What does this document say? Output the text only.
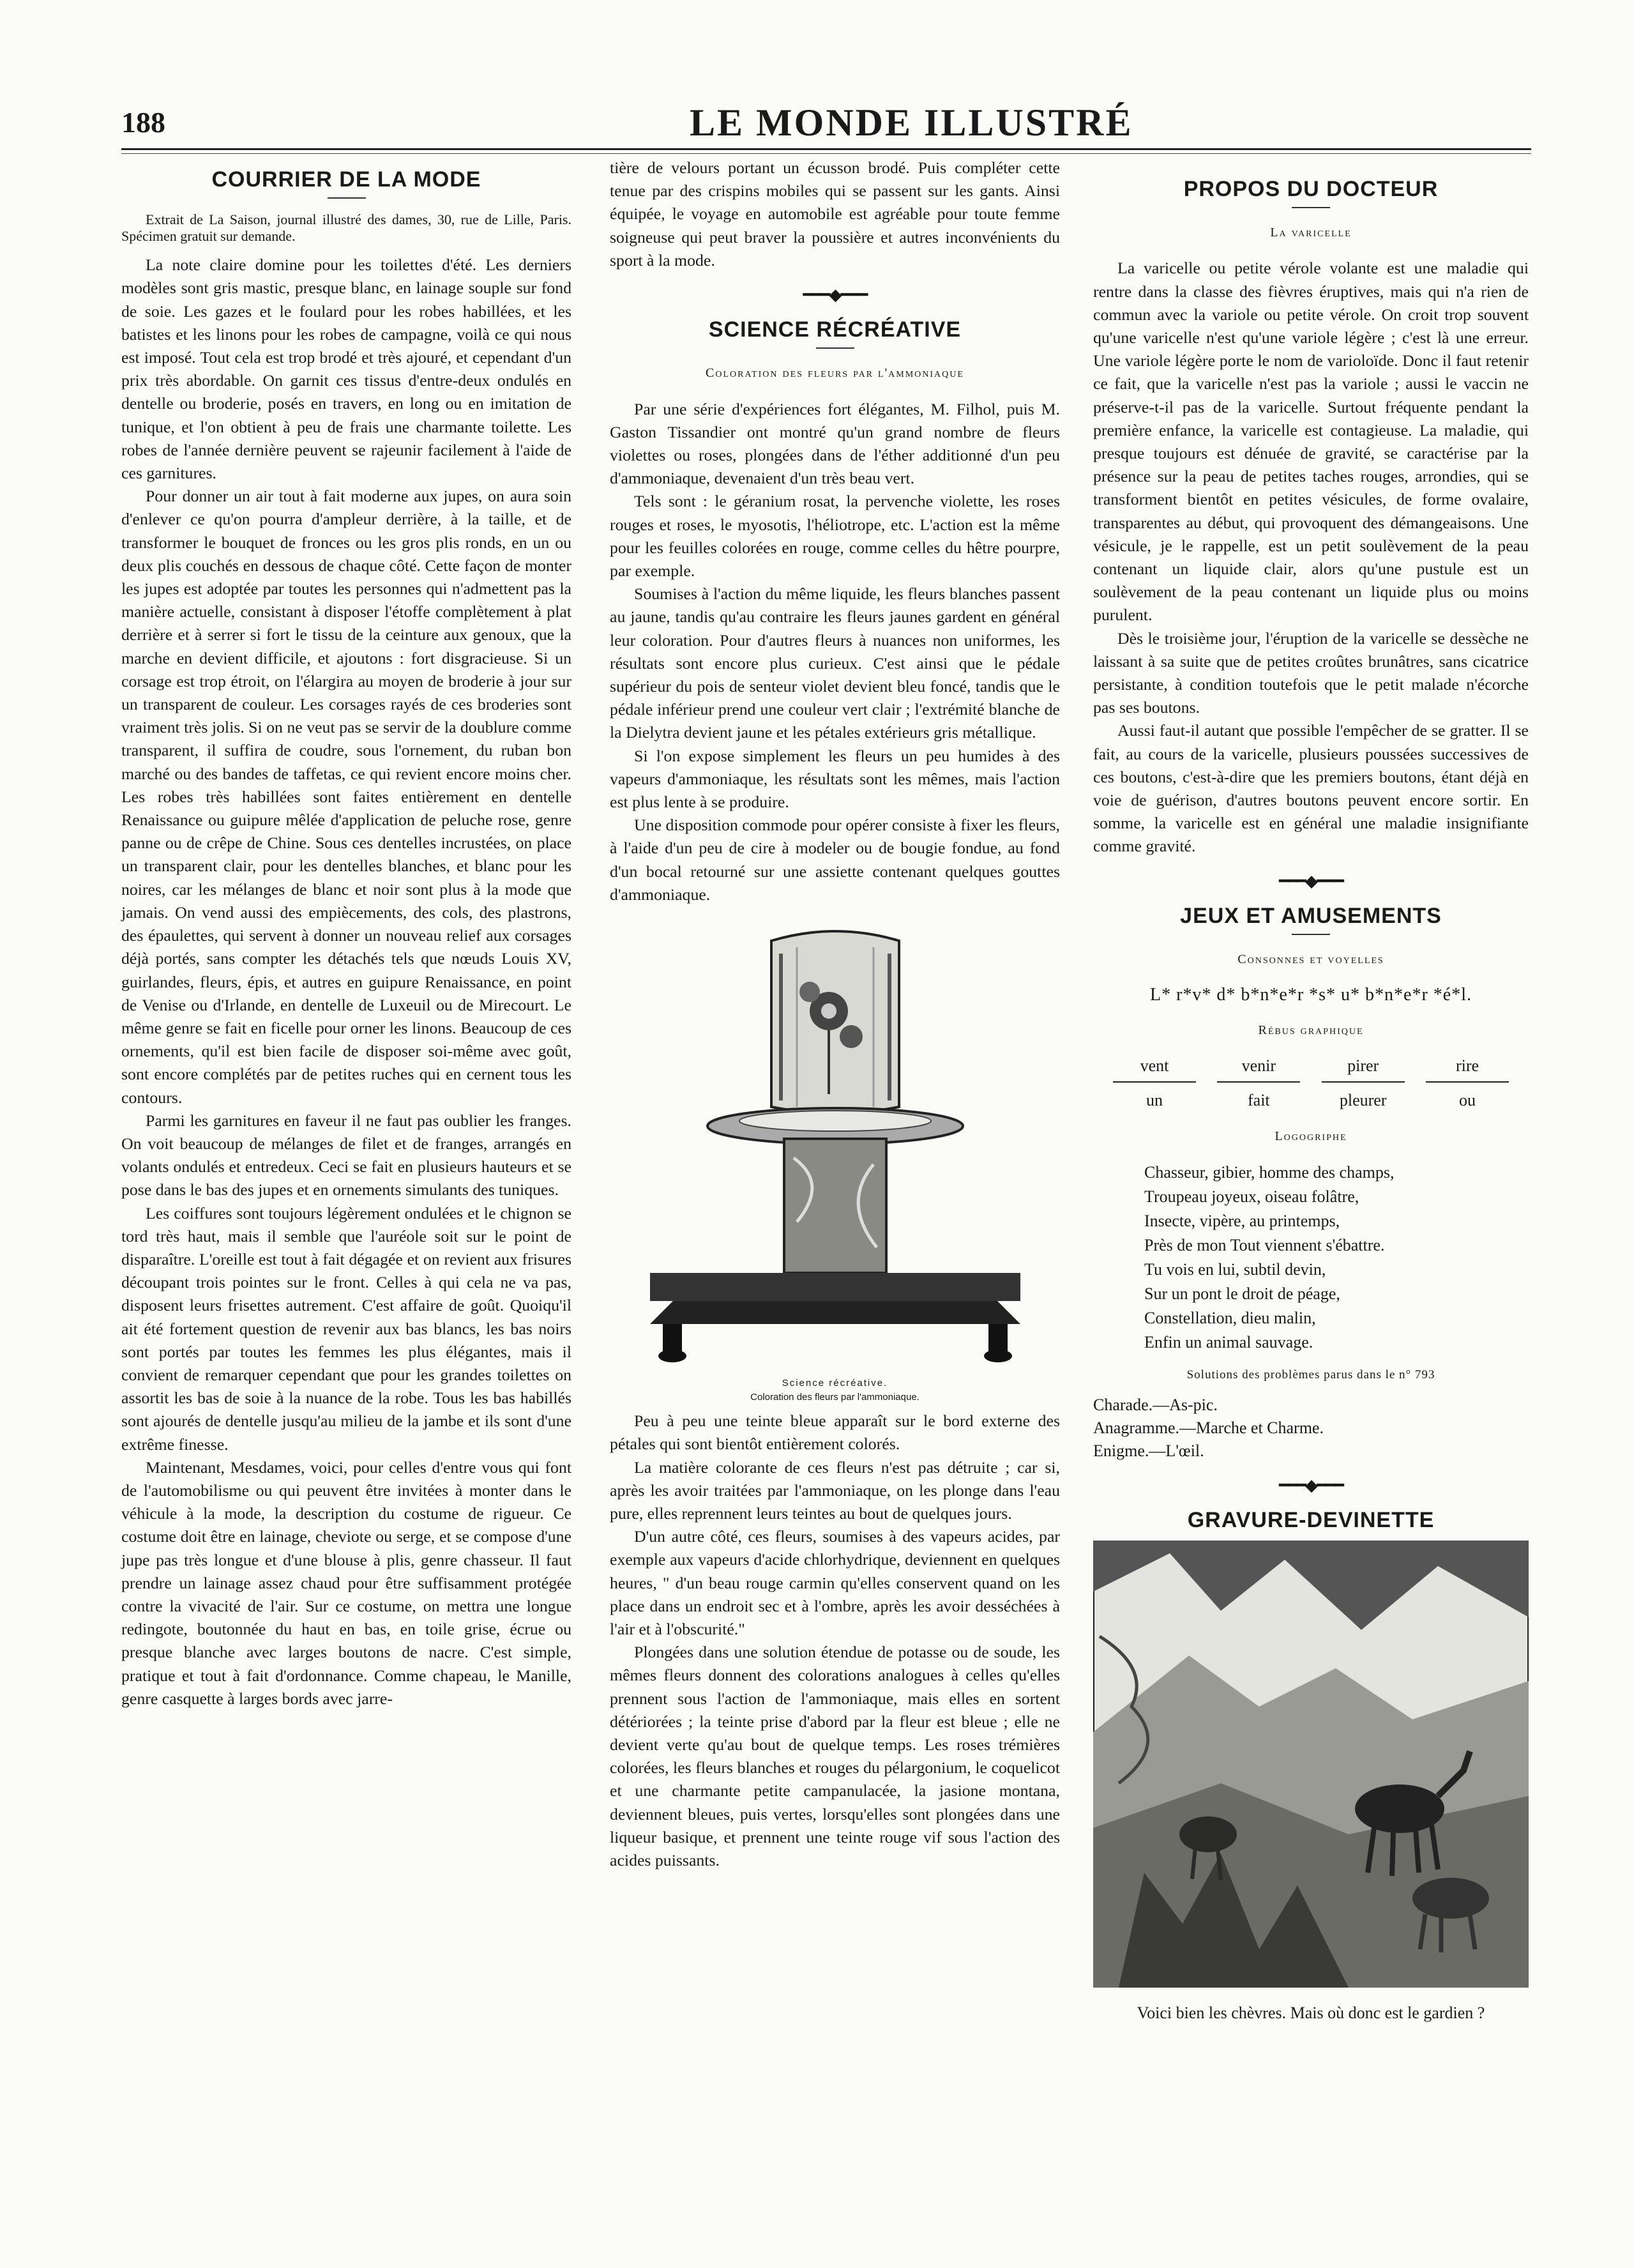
188	LE MONDE ILLUSTRÉ
COURRIER DE LA MODE
Extrait de La Saison, journal illustré des dames, 30, rue de Lille, Paris. Spécimen gratuit sur demande.

La note claire domine pour les toilettes d'été. Les derniers modèles sont gris mastic, presque blanc, en lainage souple sur fond de soie. Les gazes et le foulard pour les robes habillées, et les batistes et les linons pour les robes de campagne, voilà ce qui nous est imposé. Tout cela est trop brodé et très ajouré, et cependant d'un prix très abordable. On garnit ces tissus d'entre-deux ondulés en dentelle ou broderie, posés en travers, en long ou en imitation de tunique, et l'on obtient à peu de frais une charmante toilette. Les robes de l'année dernière peuvent se rajeunir facilement à l'aide de ces garnitures.

Pour donner un air tout à fait moderne aux jupes, on aura soin d'enlever ce qu'on pourra d'ampleur derrière, à la taille, et de transformer le bouquet de fronces ou les gros plis ronds, en un ou deux plis couchés en dessous de chaque côté. Cette façon de monter les jupes est adoptée par toutes les personnes qui n'admettent pas la manière actuelle, consistant à disposer l'étoffe complètement à plat derrière et à serrer si fort le tissu de la ceinture aux genoux, que la marche en devient difficile, et ajoutons : fort disgracieuse. Si un corsage est trop étroit, on l'élargira au moyen de broderie à jour sur un transparent de couleur. Les corsages rayés de ces broderies sont vraiment très jolis. Si on ne veut pas se servir de la doublure comme transparent, il suffira de coudre, sous l'ornement, du ruban bon marché ou des bandes de taffetas, ce qui revient encore moins cher. Les robes très habillées sont faites entièrement en dentelle Renaissance ou guipure mêlée d'application de peluche rose, genre panne ou de crêpe de Chine. Sous ces dentelles incrustées, on place un transparent clair, pour les dentelles blanches, et blanc pour les noires, car les mélanges de blanc et noir sont plus à la mode que jamais. On vend aussi des empiècements, des cols, des plastrons, des épaulettes, qui servent à donner un nouveau relief aux corsages déjà portés, sans compter les détachés tels que nœuds Louis XV, guirlandes, fleurs, épis, et autres en guipure Renaissance, en point de Venise ou d'Irlande, en dentelle de Luxeuil ou de Mirecourt. Le même genre se fait en ficelle pour orner les linons. Beaucoup de ces ornements, qu'il est bien facile de disposer soi-même avec goût, sont encore complétés par de petites ruches qui en cernent tous les contours.

Parmi les garnitures en faveur il ne faut pas oublier les franges. On voit beaucoup de mélanges de filet et de franges, arrangés en volants ondulés et entredeux. Ceci se fait en plusieurs hauteurs et se pose dans le bas des jupes et en ornements simulants des tuniques.

Les coiffures sont toujours légèrement ondulées et le chignon se tord très haut, mais il semble que l'auréole soit sur le point de disparaître. L'oreille est tout à fait dégagée et on revient aux frisures découpant trois pointes sur le front. Celles à qui cela ne va pas, disposent leurs frisettes autrement. C'est affaire de goût. Quoiqu'il ait été fortement question de revenir aux bas blancs, les bas noirs sont portés par toutes les femmes les plus élégantes, mais il convient de remarquer cependant que pour les grandes toilettes on assortit les bas de soie à la nuance de la robe. Tous les bas habillés sont ajourés de dentelle jusqu'au milieu de la jambe et ils sont d'une extrême finesse.

Maintenant, Mesdames, voici, pour celles d'entre vous qui font de l'automobilisme ou qui peuvent être invitées à monter dans le véhicule à la mode, la description du costume de rigueur. Ce costume doit être en lainage, cheviote ou serge, et se compose d'une jupe pas très longue et d'une blouse à plis, genre chasseur. Il faut prendre un lainage assez chaud pour être suffisamment protégée contre la vivacité de l'air. Sur ce costume, on mettra une longue redingote, boutonnée du haut en bas, en toile grise, écrue ou presque blanche avec larges boutons de nacre. C'est simple, pratique et tout à fait d'ordonnance. Comme chapeau, le Manille, genre casquette à larges bords avec jarre-

tière de velours portant un écusson brodé. Puis compléter cette tenue par des crispins mobiles qui se passent sur les gants. Ainsi équipée, le voyage en automobile est agréable pour toute femme soigneuse qui peut braver la poussière et autres inconvénients du sport à la mode.

━━━◆━━━
SCIENCE RÉCRÉATIVE
Coloration des fleurs par l'ammoniaque

Par une série d'expériences fort élégantes, M. Filhol, puis M. Gaston Tissandier ont montré qu'un grand nombre de fleurs violettes ou roses, plongées dans de l'éther additionné d'un peu d'ammoniaque, devenaient d'un très beau vert.

Tels sont : le géranium rosat, la pervenche violette, les roses rouges et roses, le myosotis, l'héliotrope, etc. L'action est la même pour les feuilles colorées en rouge, comme celles du hêtre pourpre, par exemple.

Soumises à l'action du même liquide, les fleurs blanches passent au jaune, tandis qu'au contraire les fleurs jaunes gardent en général leur coloration. Pour d'autres fleurs à nuances non uniformes, les résultats sont encore plus curieux. C'est ainsi que le pédale supérieur du pois de senteur violet devient bleu foncé, tandis que le pédale inférieur prend une couleur vert clair ; l'extrémité blanche de la Dielytra devient jaune et les pétales extérieurs gris métallique.

Si l'on expose simplement les fleurs un peu humides à des vapeurs d'ammoniaque, les résultats sont les mêmes, mais l'action est plus lente à se produire.

Une disposition commode pour opérer consiste à fixer les fleurs, à l'aide d'un peu de cire à modeler ou de bougie fondue, au fond d'un bocal retourné sur une assiette contenant quelques gouttes d'ammoniaque.

Science récréative.
Coloration des fleurs par l'ammoniaque.

Peu à peu une teinte bleue apparaît sur le bord externe des pétales qui sont bientôt entièrement colorés.

La matière colorante de ces fleurs n'est pas détruite ; car si, après les avoir traitées par l'ammoniaque, on les plonge dans l'eau pure, elles reprennent leurs teintes au bout de quelques jours.

D'un autre côté, ces fleurs, soumises à des vapeurs acides, par exemple aux vapeurs d'acide chlorhydrique, deviennent en quelques heures, " d'un beau rouge carmin qu'elles conservent quand on les place dans un endroit sec et à l'ombre, après les avoir desséchées à l'air et à l'obscurité."

Plongées dans une solution étendue de potasse ou de soude, les mêmes fleurs donnent des colorations analogues à celles qu'elles prennent sous l'action de l'ammoniaque, mais elles en sortent détériorées ; la teinte prise d'abord par la fleur est bleue ; elle ne devient verte qu'au bout de quelque temps. Les roses trémières colorées, les fleurs blanches et rouges du pélargonium, le coquelicot et une charmante petite campanulacée, la jasione montana, deviennent bleues, puis vertes, lorsqu'elles sont plongées dans une liqueur basique, et prennent une teinte rouge vif sous l'action des acides puissants.

PROPOS DU DOCTEUR
La varicelle

La varicelle ou petite vérole volante est une maladie qui rentre dans la classe des fièvres éruptives, mais qui n'a rien de commun avec la variole ou petite vérole. On croit trop souvent qu'une varicelle n'est qu'une variole légère ; c'est là une erreur. Une variole légère porte le nom de varioloïde. Donc il faut retenir ce fait, que la varicelle n'est pas la variole ; aussi le vaccin ne préserve-t-il pas de la varicelle. Surtout fréquente pendant la première enfance, la varicelle est contagieuse. La maladie, qui presque toujours est dénuée de gravité, se caractérise par la présence sur la peau de petites taches rouges, arrondies, qui se transforment bientôt en petites vésicules, de forme ovalaire, transparentes au début, qui provoquent des démangeaisons. Une vésicule, je le rappelle, est un petit soulèvement de la peau contenant un liquide clair, alors qu'une pustule est un soulèvement de la peau contenant un liquide plus ou moins purulent.

Dès le troisième jour, l'éruption de la varicelle se dessèche ne laissant à sa suite que de petites croûtes brunâtres, sans cicatrice persistante, à condition toutefois que le petit malade n'écorche pas ses boutons.

Aussi faut-il autant que possible l'empêcher de se gratter. Il se fait, au cours de la varicelle, plusieurs poussées successives de ces boutons, c'est-à-dire que les premiers boutons, étant déjà en voie de guérison, d'autres boutons peuvent encore sortir. En somme, la varicelle est en général une maladie insignifiante comme gravité.

━━━◆━━━
JEUX ET AMUSEMENTS
Consonnes et voyelles
L* r*v* d* b*n*e*r *s* u* b*n*e*r *é*l.
Rébus graphique
vent
un
venir
fait
pirer
pleurer
rire
ou
Logogriphe
Chasseur, gibier, homme des champs,
Troupeau joyeux, oiseau folâtre,
Insecte, vipère, au printemps,
Près de mon Tout viennent s'ébattre.
Tu vois en lui, subtil devin,
Sur un pont le droit de péage,
Constellation, dieu malin,
Enfin un animal sauvage.
Solutions des problèmes parus dans le n° 793
Charade.—As-pic.
Anagramme.—Marche et Charme.
Enigme.—L'œil.
━━━◆━━━
GRAVURE-DEVINETTE
Voici bien les chèvres. Mais où donc est le gardien ?
